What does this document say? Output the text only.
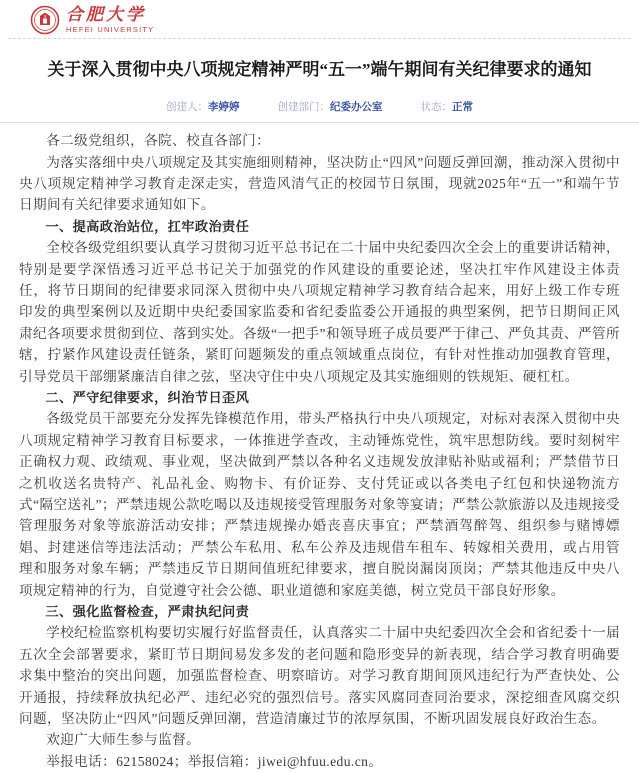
合肥大学
HEFEI UNIVERSITY
关于深入贯彻中央八项规定精神严明“五一”端午期间有关纪律要求的通知
创建人：李婷婷	创建部门：纪委办公室	状态：正常

各二级党组织，各院、校直各部门：

为落实落细中央八项规定及其实施细则精神，坚决防止“四风”问题反弹回潮，推动深入贯彻中央八项规定精神学习教育走深走实，营造风清气正的校园节日氛围，现就2025年“五一”和端午节日期间有关纪律要求通知如下。

一、提高政治站位，扛牢政治责任

全校各级党组织要认真学习贯彻习近平总书记在二十届中央纪委四次全会上的重要讲话精神，特别是要学深悟透习近平总书记关于加强党的作风建设的重要论述，坚决扛牢作风建设主体责任，将节日期间的纪律要求同深入贯彻中央八项规定精神学习教育结合起来，用好上级工作专班印发的典型案例以及近期中央纪委国家监委和省纪委监委公开通报的典型案例，把节日期间正风肃纪各项要求贯彻到位、落到实处。各级“一把手”和领导班子成员要严于律己、严负其责、严管所辖，拧紧作风建设责任链条，紧盯问题频发的重点领域重点岗位，有针对性推动加强教育管理，引导党员干部绷紧廉洁自律之弦，坚决守住中央八项规定及其实施细则的铁规矩、硬杠杠。

二、严守纪律要求，纠治节日歪风

各级党员干部要充分发挥先锋模范作用，带头严格执行中央八项规定，对标对表深入贯彻中央八项规定精神学习教育目标要求，一体推进学查改，主动锤炼党性，筑牢思想防线。要时刻树牢正确权力观、政绩观、事业观，坚决做到严禁以各种名义违规发放津贴补贴或福利；严禁借节日之机收送名贵特产、礼品礼金、购物卡、有价证券、支付凭证或以各类电子红包和快递物流方式“隔空送礼”；严禁违规公款吃喝以及违规接受管理服务对象等宴请；严禁公款旅游以及违规接受管理服务对象等旅游活动安排；严禁违规操办婚丧喜庆事宜；严禁酒驾醉驾、组织参与赌博嫖娼、封建迷信等违法活动；严禁公车私用、私车公养及违规借车租车、转嫁相关费用，或占用管理和服务对象车辆；严禁违反节日期间值班纪律要求，擅自脱岗漏岗顶岗；严禁其他违反中央八项规定精神的行为，自觉遵守社会公德、职业道德和家庭美德，树立党员干部良好形象。

三、强化监督检查，严肃执纪问责

学校纪检监察机构要切实履行好监督责任，认真落实二十届中央纪委四次全会和省纪委十一届五次全会部署要求，紧盯节日期间易发多发的老问题和隐形变异的新表现，结合学习教育明确要求集中整治的突出问题，加强监督检查、明察暗访。对学习教育期间顶风违纪行为严查快处、公开通报，持续释放执纪必严、违纪必究的强烈信号。落实风腐同查同治要求，深挖细查风腐交织问题，坚决防止“四风”问题反弹回潮，营造清廉过节的浓厚氛围，不断巩固发展良好政治生态。

欢迎广大师生参与监督。

举报电话：62158024；举报信箱：jiwei@hfuu.edu.cn。
